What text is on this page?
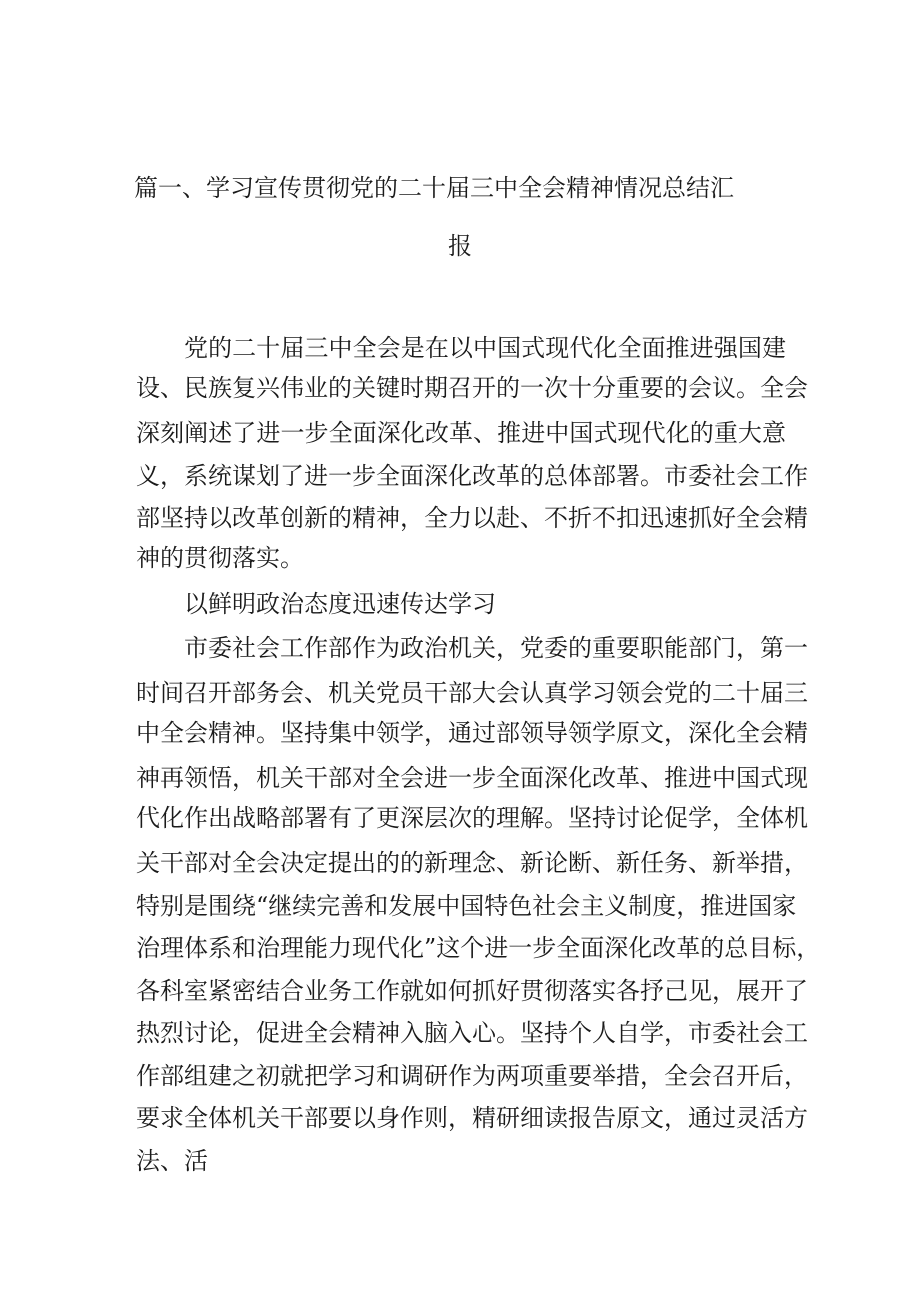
篇一、学习宣传贯彻党的二十届三中全会精神情况总结汇
报
党的二十届三中全会是在以中国式现代化全面推进强国建
设、民族复兴伟业的关键时期召开的一次十分重要的会议。全会
深刻阐述了进一步全面深化改革、推进中国式现代化的重大意
义，系统谋划了进一步全面深化改革的总体部署。市委社会工作
部坚持以改革创新的精神，全力以赴、不折不扣迅速抓好全会精
神的贯彻落实。
以鲜明政治态度迅速传达学习
市委社会工作部作为政治机关，党委的重要职能部门，第一
时间召开部务会、机关党员干部大会认真学习领会党的二十届三
中全会精神。坚持集中领学，通过部领导领学原文，深化全会精
神再领悟，机关干部对全会进一步全面深化改革、推进中国式现
代化作出战略部署有了更深层次的理解。坚持讨论促学，全体机
关干部对全会决定提出的的新理念、新论断、新任务、新举措，
特别是围绕“继续完善和发展中国特色社会主义制度，推进国家
治理体系和治理能力现代化”这个进一步全面深化改革的总目标，
各科室紧密结合业务工作就如何抓好贯彻落实各抒己见，展开了
热烈讨论，促进全会精神入脑入心。坚持个人自学，市委社会工
作部组建之初就把学习和调研作为两项重要举措，全会召开后，
要求全体机关干部要以身作则，精研细读报告原文，通过灵活方
法、活
